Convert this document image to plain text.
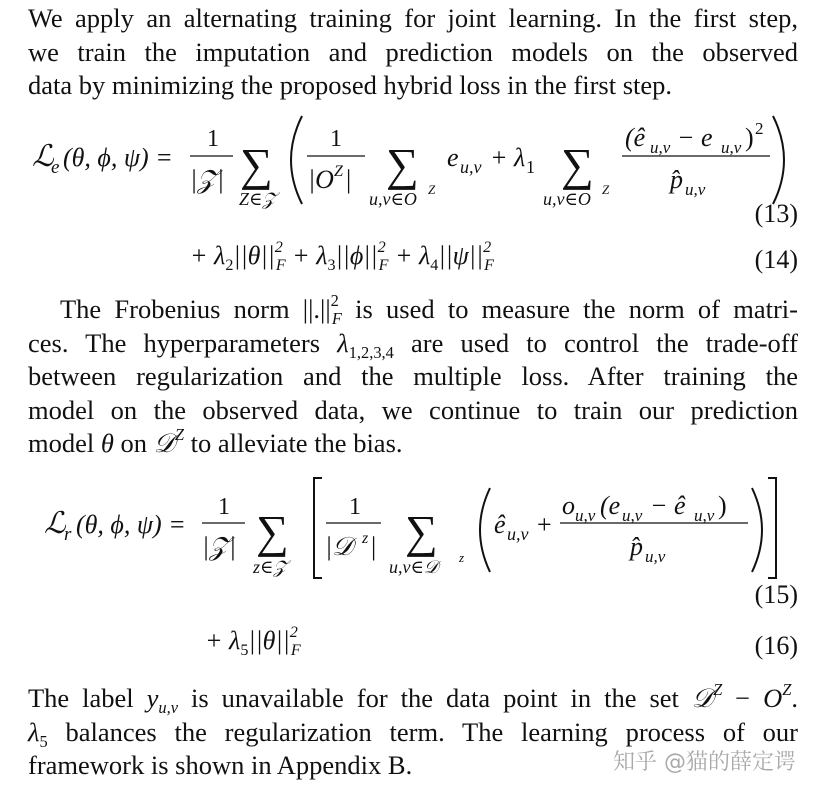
We apply an alternating training for joint learning. In the first step,
we train the imputation and prediction models on the observed
data by minimizing the proposed hybrid loss in the first step.

ℒ
e (θ, ϕ, ψ) =
1
|𝒵| ∑
Z∈𝒵
1
|O Z | ∑
u,v∈O Z
e u,v + λ 1 ∑
u,v∈O Z
(ê u,v − e u,v ) 2
p̂ u,v
(13)
+ $\lambda_2||\theta||^2_F + \lambda_3||\phi||^2_F + \lambda_4||\psi||^2_F$	(14)

The Frobenius norm $||.||^2_F$ is used to measure the norm of matri-
ces. The hyperparameters $\lambda_{1,2,3,4}$ are used to control the trade-off
between regularization and the multiple loss. After training the
model on the observed data, we continue to train our prediction
model θ on 𝒟$^Z$ to alleviate the bias.

ℒ
r (θ, ϕ, ψ) =
1
|𝒵| ∑
z∈𝒵
1
|𝒟 z | ∑
u,v∈𝒟 z
ê u,v +
o u,v (e u,v − ê u,v )
p̂ u,v
(15)
+ $\lambda_5||\theta||^2_F$	(16)

The label $y_{u,v}$ is unavailable for the data point in the set 𝒟$^Z$ − $O^Z$.
$\lambda_5$ balances the regularization term. The learning process of our
framework is shown in Appendix B.	知乎 @猫的薛定谔
